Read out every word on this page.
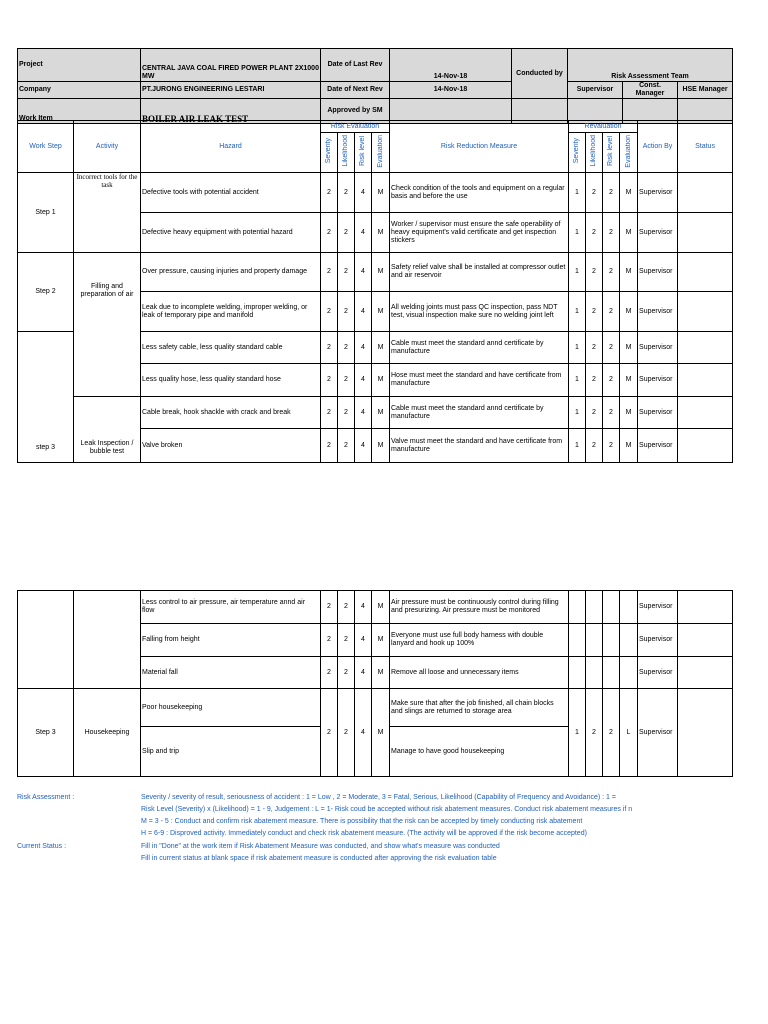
Project	CENTRAL JAVA COAL FIRED POWER PLANT 2X1000 MW	Date of Last Rev	14-Nov-18	Conducted by	Risk Assessment Team		
Company	PT.JURONG ENGINEERING LESTARI	Date of Next Rev	14-Nov-18		Supervisor	Const. Manager	HSE Manager
Work Item	BOILER AIR LEAK TEST	Approved by SM					
Work Step	Activity	Hazard	Risk Evaluation				Risk Reduction Measure	Revaluation				Action By	Status
			Severity	Likelihood	Risk level	Evaluation		Severity	Likelihood	Risk level	Evaluation		
Step 1	Incorrect tools for the task	Defective tools with potential accident	2	2	4	M	Check condition of the tools and equipment on a regular basis and before the use	1	2	2	M	Supervisor	
		Defective heavy equipment with potential hazard	2	2	4	M	Worker / supervisor must ensure the safe operability of heavy equipment's valid certificate and get inspection stickers	1	2	2	M	Supervisor	
Step 2	Filling and preparation of air	Over pressure, causing injuries and property damage	2	2	4	M	Safety relief valve shall be installed at compressor outlet and air reservoir	1	2	2	M	Supervisor	
		Leak due to incomplete welding, improper welding, or leak of temporary pipe and manifold	2	2	4	M	All welding joints must pass QC inspection, pass NDT test, visual inspection make sure no welding joint left	1	2	2	M	Supervisor	
step 3		Less safety cable, less quality standard cable	2	2	4	M	Cable must meet the standard annd certificate by manufacture	1	2	2	M	Supervisor	
		Less quality hose, less quality standard hose	2	2	4	M	Hose must meet the standard and have certificate from manufacture	1	2	2	M	Supervisor	
	Leak Inspection / bubble test	Cable break, hook shackle with crack and break	2	2	4	M	Cable must meet the standard annd certificate by manufacture	1	2	2	M	Supervisor	
		Valve broken	2	2	4	M	Valve must meet the standard and have certificate from manufacture	1	2	2	M	Supervisor	
		Less control to air pressure, air temperature annd air flow	2	2	4	M	Air pressure must be continuously control during filling and presurizing. Air pressure must be monitored					Supervisor	
		Falling from height	2	2	4	M	Everyone must use full body harness with double lanyard and hook up 100%					Supervisor	
		Material fall	2	2	4	M	Remove all loose and unnecessary items					Supervisor	
Step 3	Housekeeping	Poor housekeeping	2	2	4	M	Make sure that after the job finished, all chain blocks and slings are returned to storage area	1	2	2	L	Supervisor	
		Slip and trip					Manage to have good housekeeping						
Risk Assessment :	Severity / severity of result, seriousness of accident : 1 = Low , 2 = Moderate, 3 = Fatal, Serious, Likelihood (Capability of Frequency and Avoidance) : 1 =
Risk Level (Severity) x (Likelihood) = 1 - 9, Judgement : L = 1- Risk coud be accepted without risk abatement measures. Conduct risk abatement measures if n
M = 3 - 5 : Conduct and confirm risk abatement measure. There is possibility that the risk can be accepted by timely conducting risk abatement
H = 6-9 : Disproved activity. Immediately conduct and check risk abatement measure. (The activity will be approved if the risk become accepted)
Current Status :	Fill in "Done" at the work item if Risk Abatement Measure was conducted, and show what's measure was conducted
Fill in current status at blank space if risk abatement measure is conducted after approving the risk evaluation table
